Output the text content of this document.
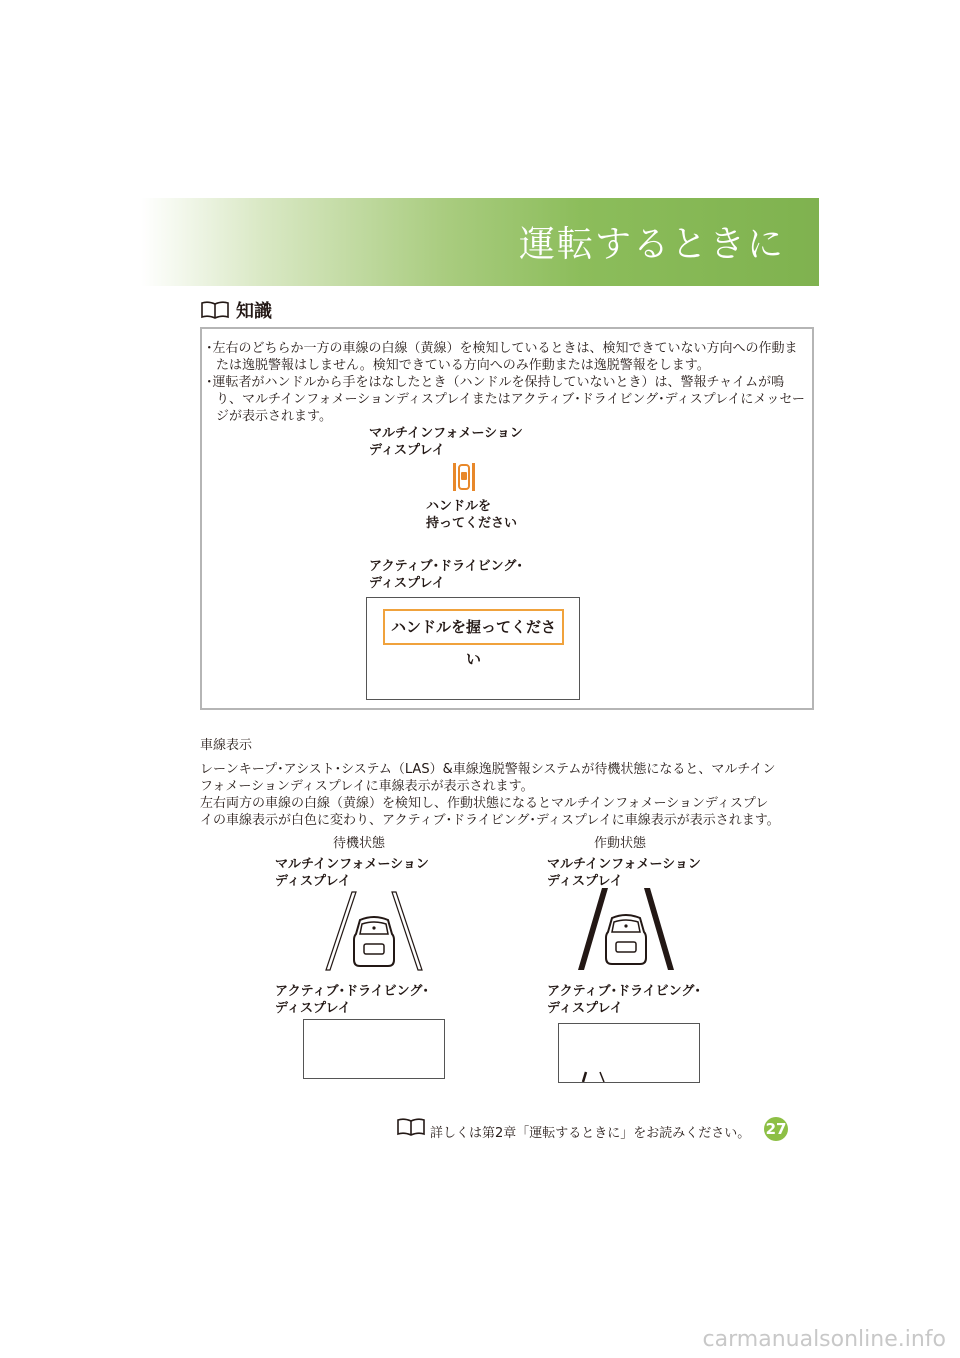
運転するときに
知識
･左右のどちらか一方の車線の白線（黄線）を検知しているときは、検知できていない方向への作動または逸脱警報はしません。検知できている方向へのみ作動または逸脱警報をします。
･運転者がハンドルから手をはなしたとき（ハンドルを保持していないとき）は、警報チャイムが鳴り、マルチインフォメーションディスプレイまたはアクティブ･ドライビング･ディスプレイにメッセージが表示されます。
マルチインフォメーション
ディスプレイ
ハンドルを
持ってください
アクティブ･ドライビング･
ディスプレイ
ハンドルを握ってください
車線表示
レーンキープ･アシスト･システム（LAS）&車線逸脱警報システムが待機状態になると、マルチインフォメーションディスプレイに車線表示が表示されます。
左右両方の車線の白線（黄線）を検知し、作動状態になるとマルチインフォメーションディスプレイの車線表示が白色に変わり、アクティブ･ドライビング･ディスプレイに車線表示が表示されます。
待機状態
マルチインフォメーション
ディスプレイ
アクティブ･ドライビング･
ディスプレイ
作動状態
マルチインフォメーション
ディスプレイ
アクティブ･ドライビング･
ディスプレイ
詳しくは第2章「運転するときに」をお読みください。 27
carmanualsonline.info
